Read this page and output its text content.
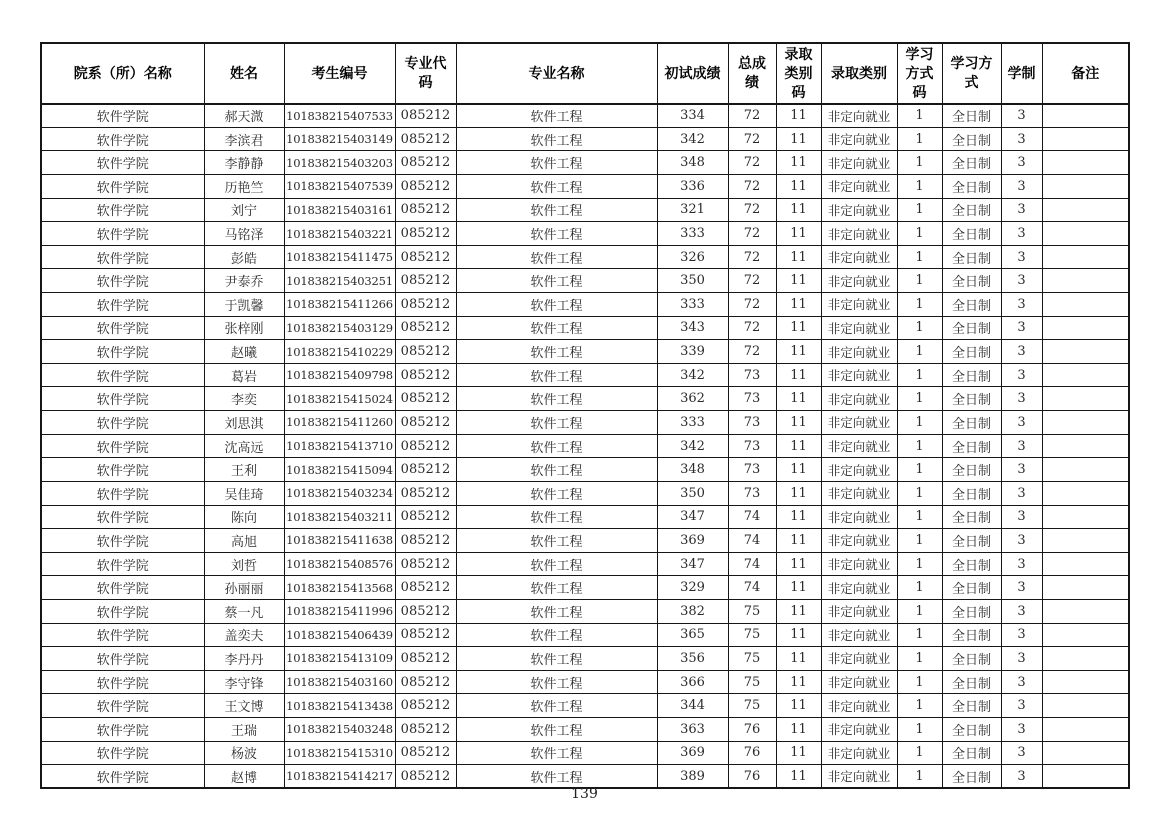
院系（所）名称	姓名	考生编号	专业代码	专业名称	初试成绩	总成绩	录取类别码	录取类别	学习方式码	学习方式	学制	备注
软件学院	郝天溦	101838215407533	085212	软件工程	334	72	11	非定向就业	1	全日制	3	
软件学院	李滨君	101838215403149	085212	软件工程	342	72	11	非定向就业	1	全日制	3	
软件学院	李静静	101838215403203	085212	软件工程	348	72	11	非定向就业	1	全日制	3	
软件学院	历艳竺	101838215407539	085212	软件工程	336	72	11	非定向就业	1	全日制	3	
软件学院	刘宁	101838215403161	085212	软件工程	321	72	11	非定向就业	1	全日制	3	
软件学院	马铭泽	101838215403221	085212	软件工程	333	72	11	非定向就业	1	全日制	3	
软件学院	彭皓	101838215411475	085212	软件工程	326	72	11	非定向就业	1	全日制	3	
软件学院	尹泰乔	101838215403251	085212	软件工程	350	72	11	非定向就业	1	全日制	3	
软件学院	于凯馨	101838215411266	085212	软件工程	333	72	11	非定向就业	1	全日制	3	
软件学院	张梓刚	101838215403129	085212	软件工程	343	72	11	非定向就业	1	全日制	3	
软件学院	赵曦	101838215410229	085212	软件工程	339	72	11	非定向就业	1	全日制	3	
软件学院	葛岩	101838215409798	085212	软件工程	342	73	11	非定向就业	1	全日制	3	
软件学院	李奕	101838215415024	085212	软件工程	362	73	11	非定向就业	1	全日制	3	
软件学院	刘思淇	101838215411260	085212	软件工程	333	73	11	非定向就业	1	全日制	3	
软件学院	沈高远	101838215413710	085212	软件工程	342	73	11	非定向就业	1	全日制	3	
软件学院	王利	101838215415094	085212	软件工程	348	73	11	非定向就业	1	全日制	3	
软件学院	吴佳琦	101838215403234	085212	软件工程	350	73	11	非定向就业	1	全日制	3	
软件学院	陈向	101838215403211	085212	软件工程	347	74	11	非定向就业	1	全日制	3	
软件学院	高旭	101838215411638	085212	软件工程	369	74	11	非定向就业	1	全日制	3	
软件学院	刘哲	101838215408576	085212	软件工程	347	74	11	非定向就业	1	全日制	3	
软件学院	孙丽丽	101838215413568	085212	软件工程	329	74	11	非定向就业	1	全日制	3	
软件学院	蔡一凡	101838215411996	085212	软件工程	382	75	11	非定向就业	1	全日制	3	
软件学院	盖奕夫	101838215406439	085212	软件工程	365	75	11	非定向就业	1	全日制	3	
软件学院	李丹丹	101838215413109	085212	软件工程	356	75	11	非定向就业	1	全日制	3	
软件学院	李守锋	101838215403160	085212	软件工程	366	75	11	非定向就业	1	全日制	3	
软件学院	王文博	101838215413438	085212	软件工程	344	75	11	非定向就业	1	全日制	3	
软件学院	王瑞	101838215403248	085212	软件工程	363	76	11	非定向就业	1	全日制	3	
软件学院	杨波	101838215415310	085212	软件工程	369	76	11	非定向就业	1	全日制	3	
软件学院	赵博	101838215414217	085212	软件工程	389	76	11	非定向就业	1	全日制	3	
139
